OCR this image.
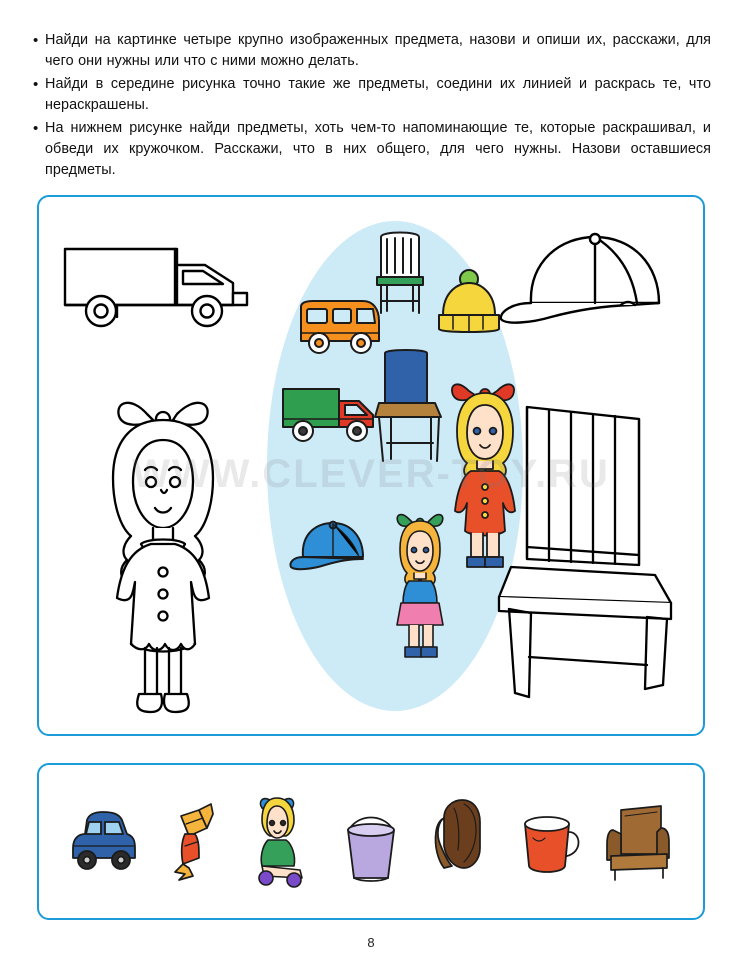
• Найди на картинке четыре крупно изображенных предмета, назови и опиши их, расскажи, для чего они нужны или что с ними можно делать.
• Найди в середине рисунка точно такие же предметы, соедини их линией и раскрась те, что нераскрашены.
• На нижнем рисунке найди предметы, хоть чем-то напоминающие те, которые раскрашивал, и обведи их кружочком. Расскажи, что в них общего, для чего нужны. Назови оставшиеся предметы.
8
